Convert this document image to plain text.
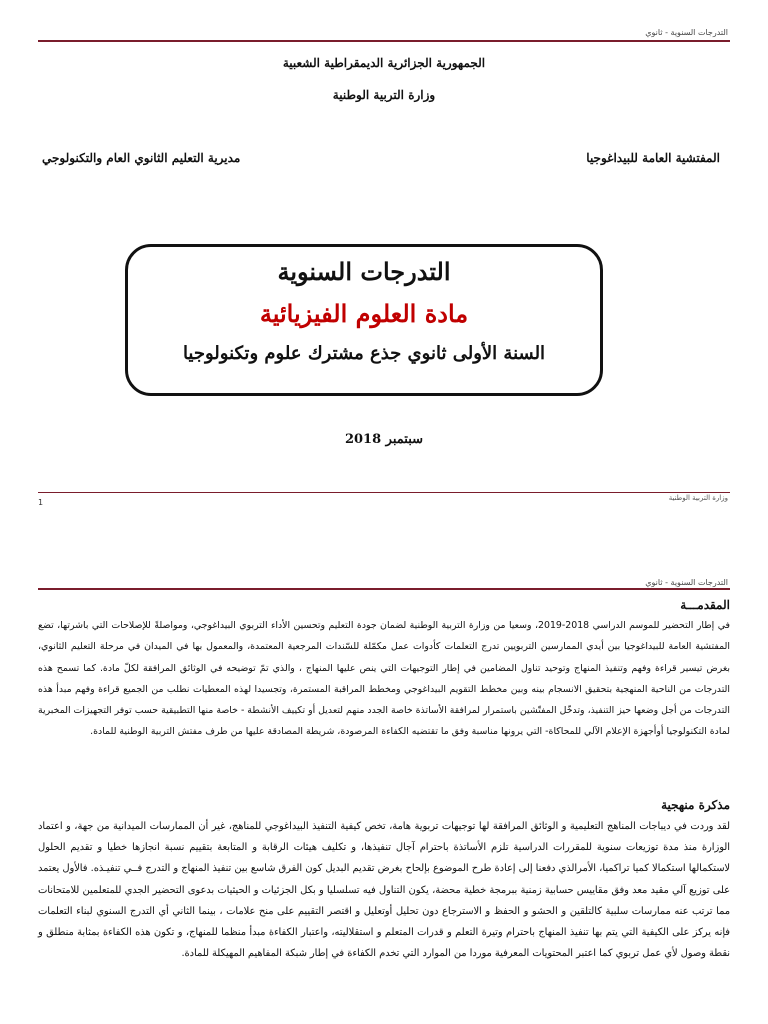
التدرجات السنوية - ثانوي
الجمهورية الجزائرية الديمقراطية الشعبية
وزارة التربية الوطنية
المفتشية العامة للبيداغوجيا
مديرية التعليم الثانوي العام والتكنولوجي
التدرجات السنوية
مادة العلوم الفيزيائية
السنة الأولى ثانوي جذع مشترك علوم وتكنولوجيا
سبتمبر 2018
1	وزارة التربية الوطنية
التدرجات السنوية - ثانوي
المقدمـــة
في إطار التحضير للموسم الدراسي 2018-2019، وسعيا من وزارة التربية الوطنية لضمان جودة التعليم وتحسين الأداء التربوي البيداغوجي، ومواصلةً للإصلاحات التي باشرتها، تضع المفتشية العامة للبيداغوجيا بين أيدي الممارسين التربويين تدرج التعلمات كأدوات عمل مكمّلة للسّندات المرجعية المعتمدة، والمعمول بها في الميدان في مرحلة التعليم الثانوي، بغرض تيسير قراءة وفهم وتنفيذ المنهاج وتوحيد تناول المضامين في إطار التوجيهات التي ينص عليها المنهاج ، والذي تمّ توضيحه في الوثائق المرافقة لكلّ مادة. كما تسمح هذه التدرجات من الناحية المنهجية بتحقيق الانسجام بينه وبين مخطط التقويم البيداغوجي ومخطط المراقبة المستمرة، وتجسيدا لهذه المعطيات نطلب من الجميع قراءة وفهم مبدأ هذه التدرجات من أجل وضعها حيز التنفيذ، وتدخّل المفتّشين باستمرار لمرافقة الأساتذة خاصة الجدد منهم لتعديل أو تكييف الأنشطة - خاصة منها التطبيقية حسب توفر التجهيزات المخبرية لمادة التكنولوجيا أوأجهزة الإعلام الآلي للمحاكاة- التي يرونها مناسبة وفق ما تقتضيه الكفاءة المرصودة، شريطة المصادقة عليها من طرف مفتش التربية الوطنية للمادة.
مذكرة منهجية
لقد وردت في ديباجات المناهج التعليمية و الوثائق المرافقة لها توجيهات تربوية هامة، تخص كيفية التنفيذ البيداغوجي للمناهج، غير أن الممارسات الميدانية من جهة، و اعتماد الوزارة منذ مدة توزيعات سنوية للمقررات الدراسية تلزم الأساتذة باحترام آجال تنفيذها، و تكليف هيئات الرقابة و المتابعة بتقييم نسبة انجازها خطيا و تقديم الحلول لاستكمالها استكمالا كميا تراكميا، الأمرالذي دفعنا إلى إعادة طرح الموضوع بإلحاح بغرض تقديم البديل كون الفرق شاسع بين تنفيذ المنهاج و التدرج فــي تنفيـذه. فالأول يعتمد على توزيع آلي مقيد معد وفق مقاييس حسابية زمنية ببرمجة خطية محضة، يكون التناول فيه تسلسليا و بكل الجزئيات و الحيثيات بدعوى التحضير الجدي للمتعلمين للامتحانات مما ترتب عنه ممارسات سلبية كالتلقين و الحشو و الحفظ و الاسترجاع دون تحليل أوتعليل و اقتصر التقييم على منح علامات ، بينما الثاني أي التدرج السنوي لبناء التعلمات فإنه يركز على الكيفية التي يتم بها تنفيذ المنهاج باحترام وتيرة التعلم و قدرات المتعلم و استقلاليته، واعتبار الكفاءة مبدأ منظما للمنهاج، و تكون هذه الكفاءة بمثابة منطلق و نقطة وصول لأي عمل تربوي كما اعتبر المحتويات المعرفية موردا من الموارد التي تخدم الكفاءة في إطار شبكة المفاهيم المهيكلة للمادة.
